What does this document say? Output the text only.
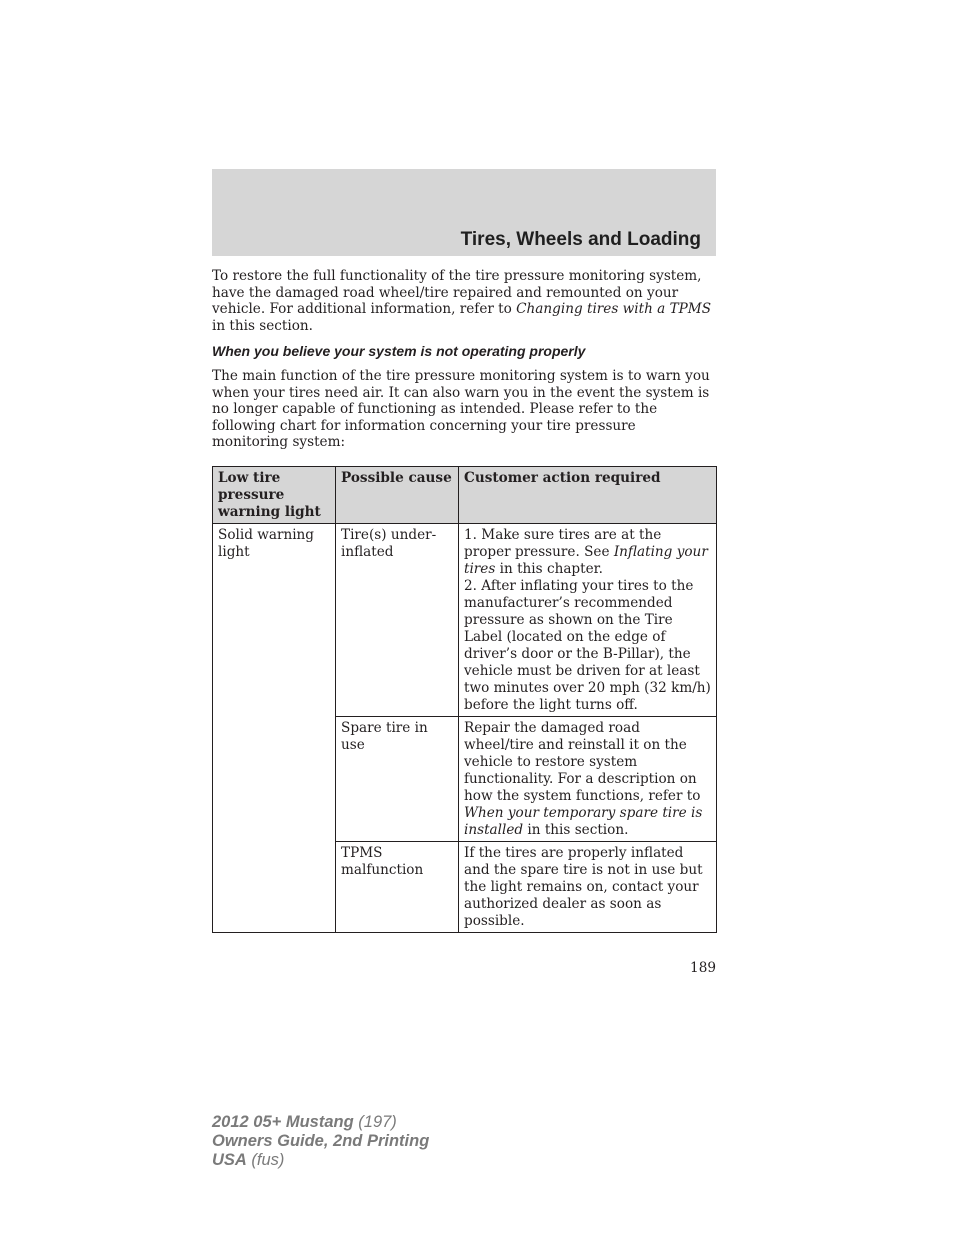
Tires, Wheels and Loading

To restore the full functionality of the tire pressure monitoring system, have the damaged road wheel/tire repaired and remounted on your vehicle. For additional information, refer to Changing tires with a TPMS in this section.

When you believe your system is not operating properly

The main function of the tire pressure monitoring system is to warn you when your tires need air. It can also warn you in the event the system is no longer capable of functioning as intended. Please refer to the following chart for information concerning your tire pressure monitoring system:

Low tire pressure warning light	Possible cause	Customer action required
Solid warning light	Tire(s) under-inflated	1. Make sure tires are at the proper pressure. See Inflating your tires in this chapter.
2. After inflating your tires to the manufacturer’s recommended pressure as shown on the Tire Label (located on the edge of driver’s door or the B-Pillar), the vehicle must be driven for at least two minutes over 20 mph (32 km/h) before the light turns off.
	Spare tire in use	Repair the damaged road wheel/tire and reinstall it on the vehicle to restore system functionality. For a description on how the system functions, refer to When your temporary spare tire is installed in this section.
	TPMS malfunction	If the tires are properly inflated and the spare tire is not in use but the light remains on, contact your authorized dealer as soon as possible.
189
2012 05+ Mustang (197)
Owners Guide, 2nd Printing
USA (fus)
